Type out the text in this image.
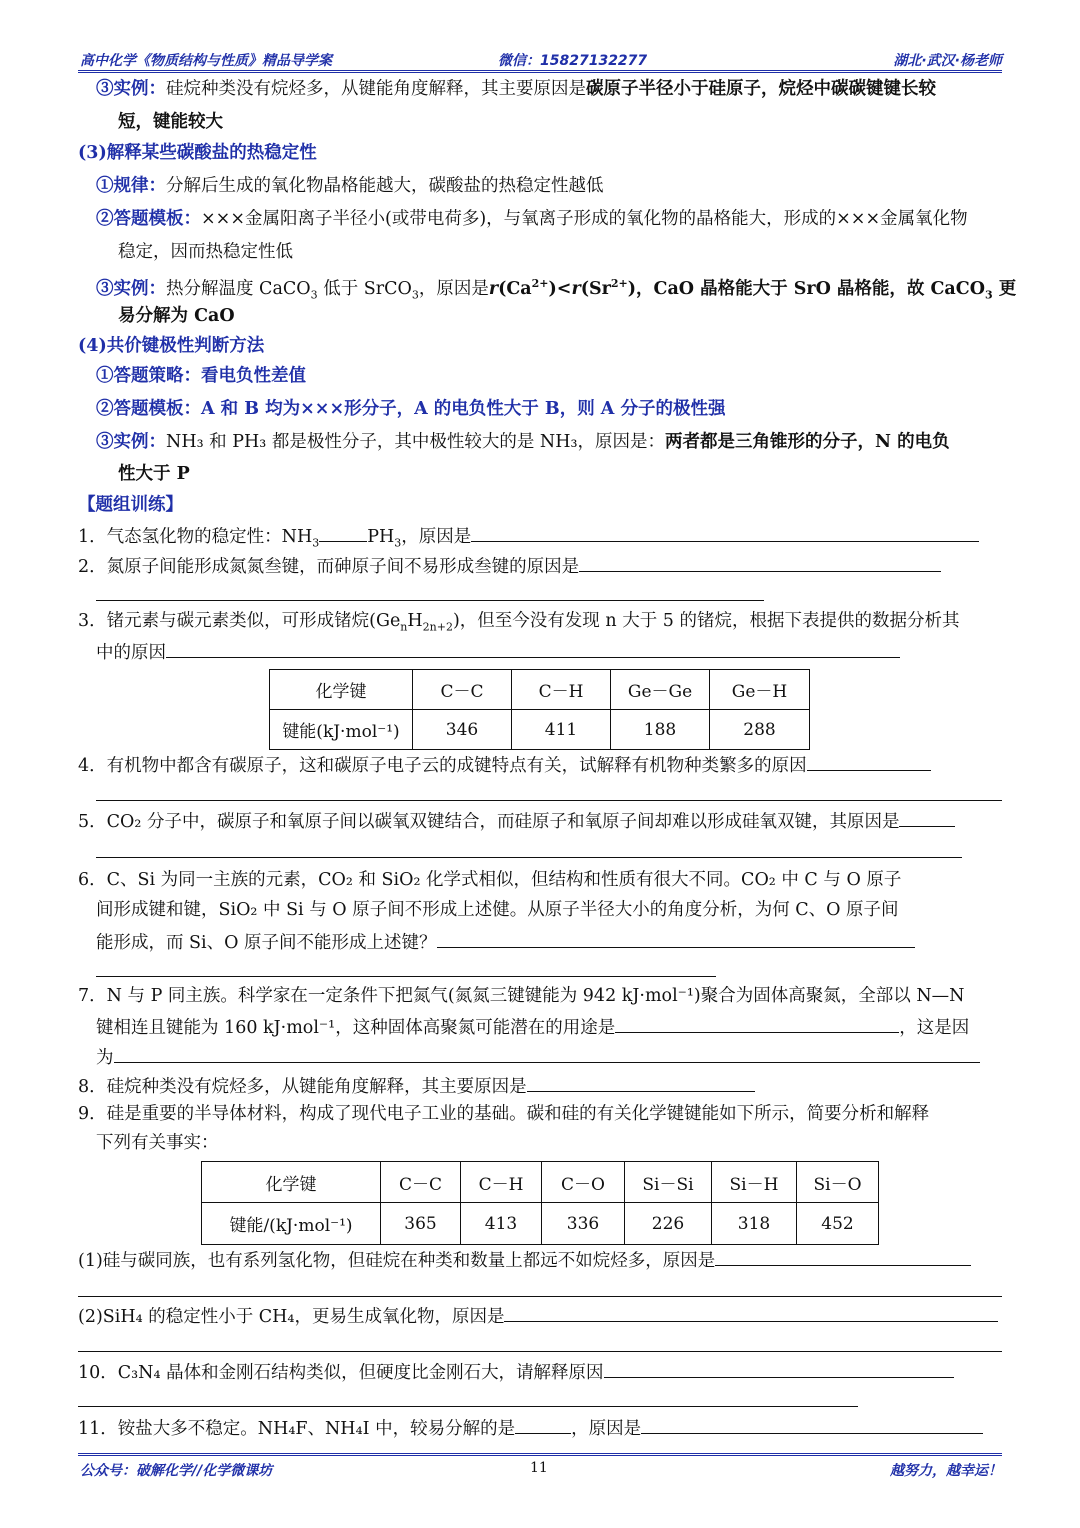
高中化学《物质结构与性质》精品导学案	微信：15827132277	湖北·武汉·杨老师
③实例：硅烷种类没有烷烃多，从键能角度解释，其主要原因是碳原子半径小于硅原子，烷烃中碳碳键键长较
短，键能较大
(3)解释某些碳酸盐的热稳定性
①规律：分解后生成的氧化物晶格能越大，碳酸盐的热稳定性越低
②答题模板：×××金属阳离子半径小(或带电荷多)，与氧离子形成的氧化物的晶格能大，形成的×××金属氧化物
稳定，因而热稳定性低
③实例：热分解温度 CaCO$_3$ 低于 SrCO$_3$，原因是$r(Ca^{2+})<r(Sr^{2+})$，CaO 晶格能大于 SrO 晶格能，故 CaCO$_3$ 更
易分解为 CaO
(4)共价键极性判断方法
①答题策略：看电负性差值
②答题模板：A 和 B 均为×××形分子，A 的电负性大于 B，则 A 分子的极性强
③实例：NH₃ 和 PH₃ 都是极性分子，其中极性较大的是 NH₃，原因是：两者都是三角锥形的分子，N 的电负
性大于 P
【题组训练】
1．气态氢化物的稳定性：$NH_3$	$PH_3$，原因是
2．氮原子间能形成氮氮叁键，而砷原子间不易形成叁键的原因是
3．锗元素与碳元素类似，可形成锗烷$(Ge_nH_{2n+2})$，但至今没有发现 n 大于 5 的锗烷，根据下表提供的数据分析其
中的原因
化学键	C－C	C－H	Ge－Ge	Ge－H
键能(kJ·mol⁻¹)	346	411	188	288
4．有机物中都含有碳原子，这和碳原子电子云的成键特点有关，试解释有机物种类繁多的原因
5．CO₂ 分子中，碳原子和氧原子间以碳氧双键结合，而硅原子和氧原子间却难以形成硅氧双键，其原因是
6．C、Si 为同一主族的元素，CO₂ 和 SiO₂ 化学式相似，但结构和性质有很大不同。CO₂ 中 C 与 O 原子
间形成键和键，SiO₂ 中 Si 与 O 原子间不形成上述健。从原子半径大小的角度分析，为何 C、O 原子间
能形成，而 Si、O 原子间不能形成上述键？
7．N 与 P 同主族。科学家在一定条件下把氮气(氮氮三键键能为 942 kJ·mol⁻¹)聚合为固体高聚氮，全部以 N—N
键相连且键能为 160 kJ·mol⁻¹，这种固体高聚氮可能潜在的用途是	，这是因
为
8．硅烷种类没有烷烃多，从键能角度解释，其主要原因是
9．硅是重要的半导体材料，构成了现代电子工业的基础。碳和硅的有关化学键键能如下所示，简要分析和解释
下列有关事实：
化学键	C－C	C－H	C－O	Si－Si	Si－H	Si－O
键能/(kJ·mol⁻¹)	365	413	336	226	318	452
(1)硅与碳同族，也有系列氢化物，但硅烷在种类和数量上都远不如烷烃多，原因是
(2)SiH₄ 的稳定性小于 CH₄，更易生成氧化物，原因是
10．C₃N₄ 晶体和金刚石结构类似，但硬度比金刚石大，请解释原因
11．铵盐大多不稳定。NH₄F、NH₄I 中，较易分解的是	，原因是
公众号：破解化学//化学微课坊	11	越努力，越幸运！
